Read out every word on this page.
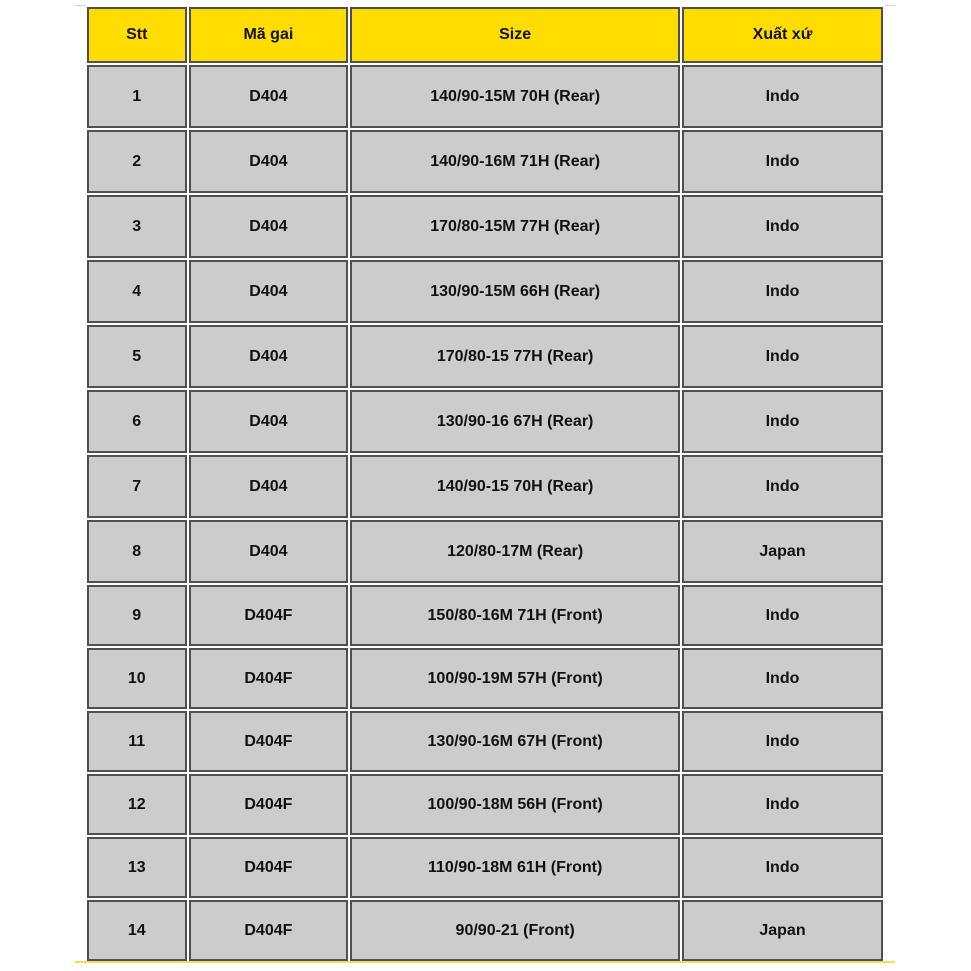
Stt	Mã gai	Size	Xuất xứ
1	D404	140/90-15M 70H (Rear)	Indo
2	D404	140/90-16M 71H (Rear)	Indo
3	D404	170/80-15M 77H (Rear)	Indo
4	D404	130/90-15M 66H (Rear)	Indo
5	D404	170/80-15 77H (Rear)	Indo
6	D404	130/90-16 67H (Rear)	Indo
7	D404	140/90-15 70H (Rear)	Indo
8	D404	120/80-17M (Rear)	Japan
9	D404F	150/80-16M 71H (Front)	Indo
10	D404F	100/90-19M 57H (Front)	Indo
11	D404F	130/90-16M 67H (Front)	Indo
12	D404F	100/90-18M 56H (Front)	Indo
13	D404F	110/90-18M 61H (Front)	Indo
14	D404F	90/90-21 (Front)	Japan
